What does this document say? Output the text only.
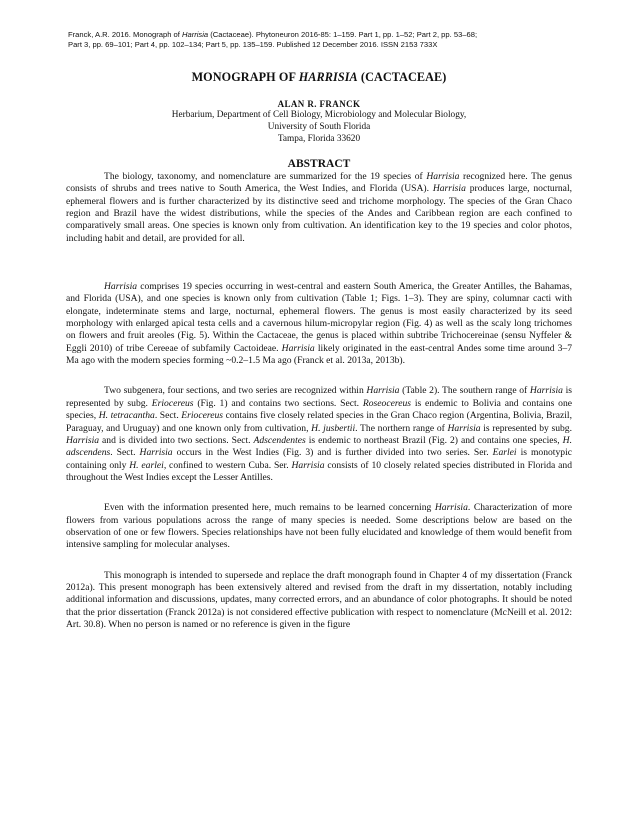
Franck, A.R. 2016. Monograph of Harrisia (Cactaceae). Phytoneuron 2016-85: 1–159. Part 1, pp. 1–52; Part 2, pp. 53–68;
Part 3, pp. 69–101; Part 4, pp. 102–134; Part 5, pp. 135–159. Published 12 December 2016. ISSN 2153 733X
MONOGRAPH OF HARRISIA (CACTACEAE)
ALAN R. FRANCK
Herbarium, Department of Cell Biology, Microbiology and Molecular Biology,
University of South Florida
Tampa, Florida 33620
ABSTRACT

The biology, taxonomy, and nomenclature are summarized for the 19 species of Harrisia recognized here. The genus consists of shrubs and trees native to South America, the West Indies, and Florida (USA). Harrisia produces large, nocturnal, ephemeral flowers and is further characterized by its distinctive seed and trichome morphology. The species of the Gran Chaco region and Brazil have the widest distributions, while the species of the Andes and Caribbean region are each confined to comparatively small areas. One species is known only from cultivation. An identification key to the 19 species and color photos, including habit and detail, are provided for all.

Harrisia comprises 19 species occurring in west-central and eastern South America, the Greater Antilles, the Bahamas, and Florida (USA), and one species is known only from cultivation (Table 1; Figs. 1–3). They are spiny, columnar cacti with elongate, indeterminate stems and large, nocturnal, ephemeral flowers. The genus is most easily characterized by its seed morphology with enlarged apical testa cells and a cavernous hilum-micropylar region (Fig. 4) as well as the scaly long trichomes on flowers and fruit areoles (Fig. 5). Within the Cactaceae, the genus is placed within subtribe Trichocereinae (sensu Nyffeler & Eggli 2010) of tribe Cereeae of subfamily Cactoideae. Harrisia likely originated in the east-central Andes some time around 3–7 Ma ago with the modern species forming ~0.2–1.5 Ma ago (Franck et al. 2013a, 2013b).

Two subgenera, four sections, and two series are recognized within Harrisia (Table 2). The southern range of Harrisia is represented by subg. Eriocereus (Fig. 1) and contains two sections. Sect. Roseocereus is endemic to Bolivia and contains one species, H. tetracantha. Sect. Eriocereus contains five closely related species in the Gran Chaco region (Argentina, Bolivia, Brazil, Paraguay, and Uruguay) and one known only from cultivation, H. jusbertii. The northern range of Harrisia is represented by subg. Harrisia and is divided into two sections. Sect. Adscendentes is endemic to northeast Brazil (Fig. 2) and contains one species, H. adscendens. Sect. Harrisia occurs in the West Indies (Fig. 3) and is further divided into two series. Ser. Earlei is monotypic containing only H. earlei, confined to western Cuba. Ser. Harrisia consists of 10 closely related species distributed in Florida and throughout the West Indies except the Lesser Antilles.

Even with the information presented here, much remains to be learned concerning Harrisia. Characterization of more flowers from various populations across the range of many species is needed. Some descriptions below are based on the observation of one or few flowers. Species relationships have not been fully elucidated and knowledge of them would benefit from intensive sampling for molecular analyses.

This monograph is intended to supersede and replace the draft monograph found in Chapter 4 of my dissertation (Franck 2012a). This present monograph has been extensively altered and revised from the draft in my dissertation, notably including additional information and discussions, updates, many corrected errors, and an abundance of color photographs. It should be noted that the prior dissertation (Franck 2012a) is not considered effective publication with respect to nomenclature (McNeill et al. 2012: Art. 30.8). When no person is named or no reference is given in the figure
